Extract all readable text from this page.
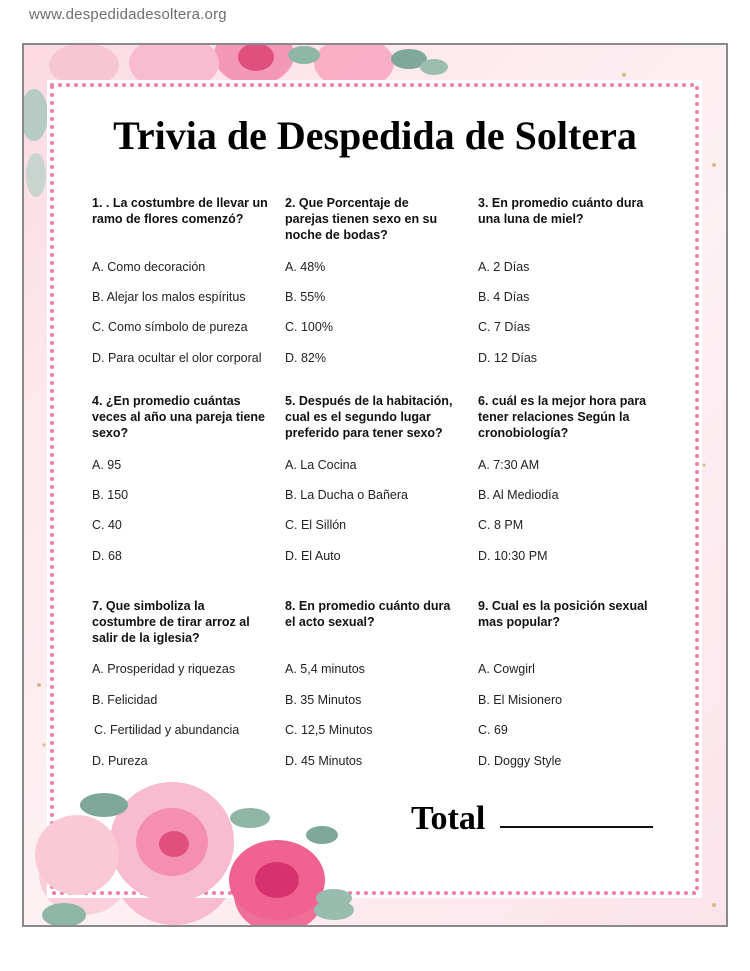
www.despedidadesoltera.org
Trivia de Despedida de Soltera
1. . La costumbre de llevar un ramo de flores comenzó?
A. Como decoración
B. Alejar los malos espíritus
C. Como símbolo de pureza
D. Para ocultar el olor corporal
2. Que Porcentaje de parejas tienen sexo en su noche de bodas?
A. 48%
B. 55%
C. 100%
D. 82%
3. En promedio cuánto dura una luna de miel?
A. 2 Días
B. 4 Días
C. 7 Días
D. 12 Días
4. ¿En promedio cuántas veces al año una pareja tiene sexo?
A. 95
B. 150
C. 40
D. 68
5. Después de la habitación, cual es el segundo lugar preferido para tener sexo?
A. La Cocina
B. La Ducha o Bañera
C. El Sillón
D. El Auto
6. cuál es la mejor hora para tener relaciones Según la cronobiología?
A. 7:30 AM
B. Al Mediodía
C. 8 PM
D. 10:30 PM
7. Que simboliza la costumbre de tirar arroz al salir de la iglesia?
A. Prosperidad y riquezas
B. Felicidad
C. Fertilidad y abundancia
D. Pureza
8. En promedio cuánto dura el acto sexual?
A. 5,4 minutos
B. 35 Minutos
C. 12,5 Minutos
D. 45 Minutos
9. Cual es la posición sexual mas popular?
A. Cowgirl
B. El Misionero
C. 69
D. Doggy Style
Total
